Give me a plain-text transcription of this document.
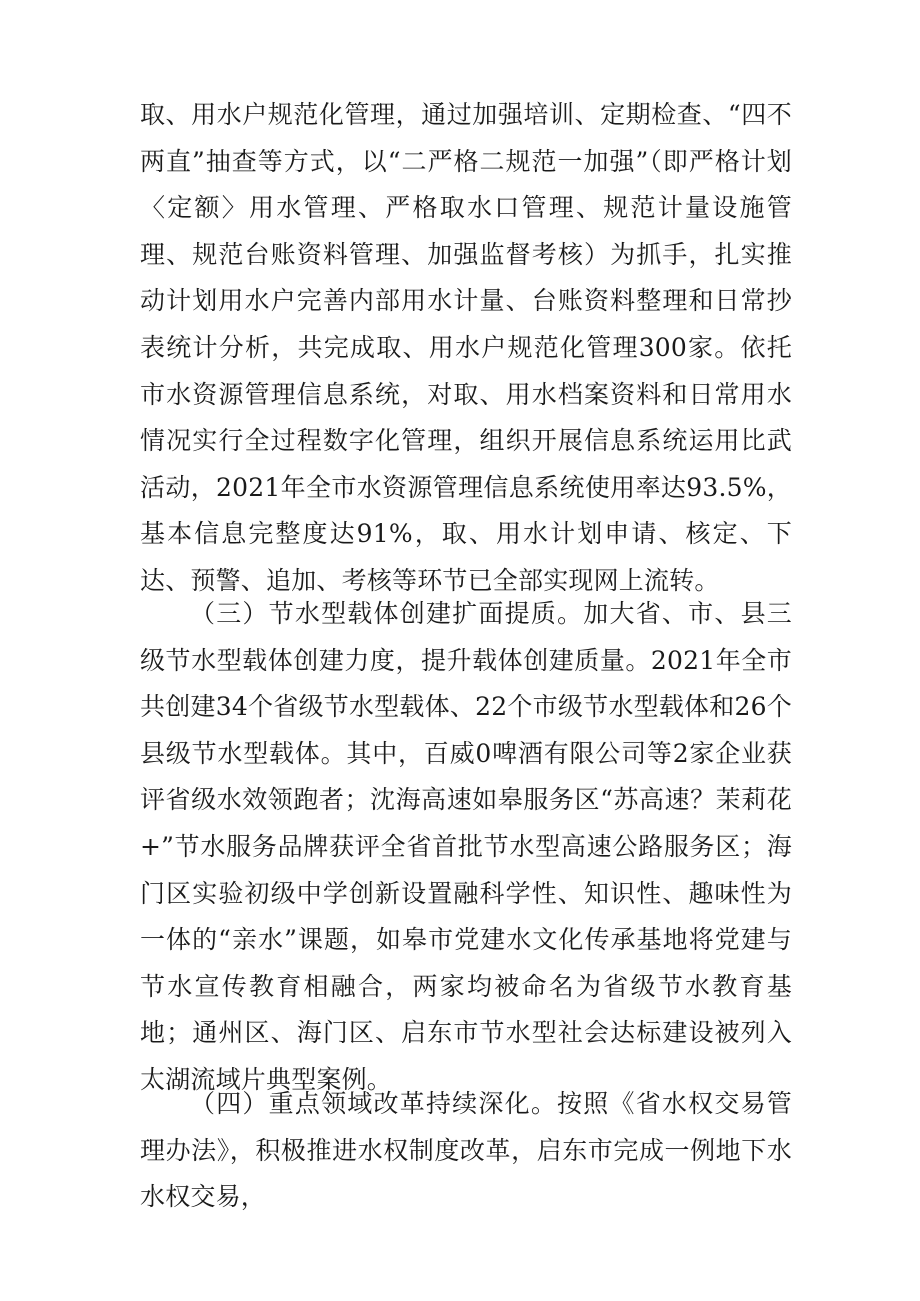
取、用水户规范化管理，通过加强培训、定期检查、“四不两直”抽查等方式，以“二严格二规范一加强”（即严格计划〈定额〉用水管理、严格取水口管理、规范计量设施管理、规范台账资料管理、加强监督考核）为抓手，扎实推动计划用水户完善内部用水计量、台账资料整理和日常抄表统计分析，共完成取、用水户规范化管理300家。依托市水资源管理信息系统，对取、用水档案资料和日常用水情况实行全过程数字化管理，组织开展信息系统运用比武活动，2021年全市水资源管理信息系统使用率达93.5%，基本信息完整度达91%，取、用水计划申请、核定、下达、预警、追加、考核等环节已全部实现网上流转。

（三）节水型载体创建扩面提质。加大省、市、县三级节水型载体创建力度，提升载体创建质量。2021年全市共创建34个省级节水型载体、22个市级节水型载体和26个县级节水型载体。其中，百威0啤酒有限公司等2家企业获评省级水效领跑者；沈海高速如皋服务区“苏高速？茉莉花+”节水服务品牌获评全省首批节水型高速公路服务区；海门区实验初级中学创新设置融科学性、知识性、趣味性为一体的“亲水”课题，如皋市党建水文化传承基地将党建与节水宣传教育相融合，两家均被命名为省级节水教育基地；通州区、海门区、启东市节水型社会达标建设被列入太湖流域片典型案例。

（四）重点领域改革持续深化。按照《省水权交易管理办法》，积极推进水权制度改革，启东市完成一例地下水水权交易，
